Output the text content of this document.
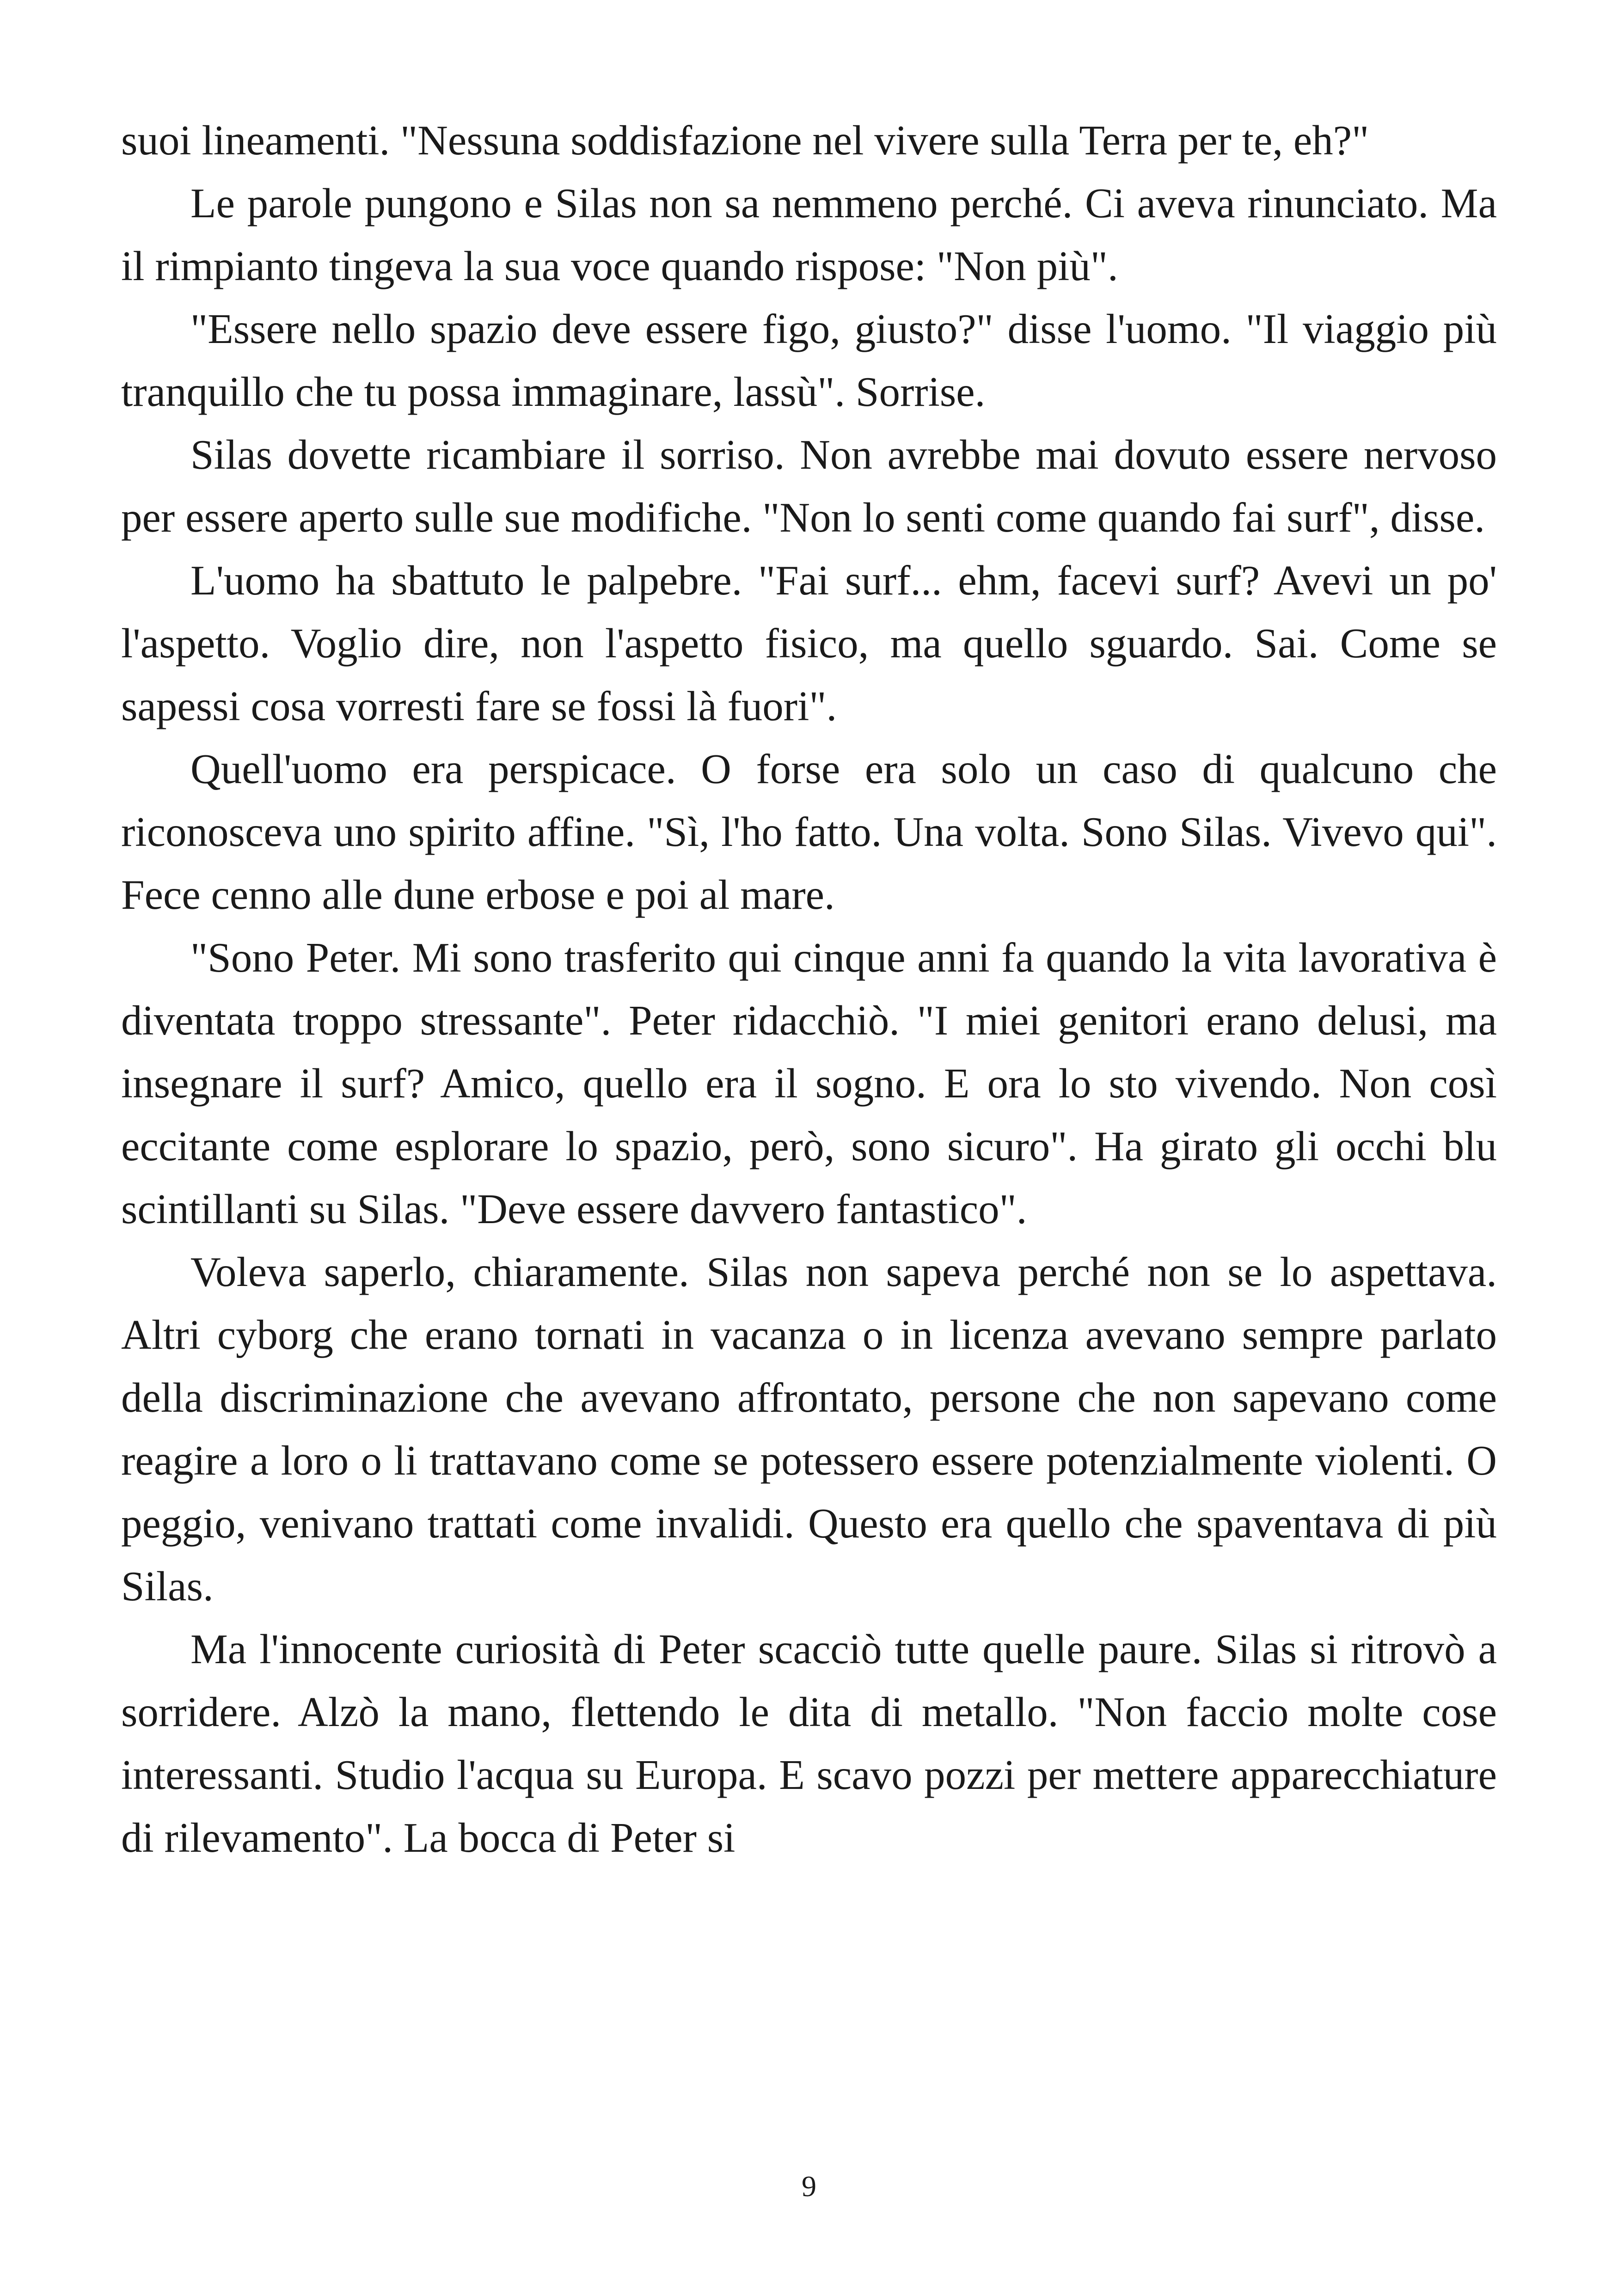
suoi lineamenti. "Nessuna soddisfazione nel vivere sulla Terra per te, eh?"

Le parole pungono e Silas non sa nemmeno perché. Ci aveva rinunciato. Ma il rimpianto tingeva la sua voce quando rispose: "Non più".

"Essere nello spazio deve essere figo, giusto?" disse l'uomo. "Il viaggio più tranquillo che tu possa immaginare, lassù". Sorrise.

Silas dovette ricambiare il sorriso. Non avrebbe mai dovuto essere nervoso per essere aperto sulle sue modifiche. "Non lo senti come quando fai surf", disse.

L'uomo ha sbattuto le palpebre. "Fai surf... ehm, facevi surf? Avevi un po' l'aspetto. Voglio dire, non l'aspetto fisico, ma quello sguardo. Sai. Come se sapessi cosa vorresti fare se fossi là fuori".

Quell'uomo era perspicace. O forse era solo un caso di qualcuno che riconosceva uno spirito affine. "Sì, l'ho fatto. Una volta. Sono Silas. Vivevo qui". Fece cenno alle dune erbose e poi al mare.

"Sono Peter. Mi sono trasferito qui cinque anni fa quando la vita lavorativa è diventata troppo stressante". Peter ridacchiò. "I miei genitori erano delusi, ma insegnare il surf? Amico, quello era il sogno. E ora lo sto vivendo. Non così eccitante come esplorare lo spazio, però, sono sicuro". Ha girato gli occhi blu scintillanti su Silas. "Deve essere davvero fantastico".

Voleva saperlo, chiaramente. Silas non sapeva perché non se lo aspettava. Altri cyborg che erano tornati in vacanza o in licenza avevano sempre parlato della discriminazione che avevano affrontato, persone che non sapevano come reagire a loro o li trattavano come se potessero essere potenzialmente violenti. O peggio, venivano trattati come invalidi. Questo era quello che spaventava di più Silas.

Ma l'innocente curiosità di Peter scacciò tutte quelle paure. Silas si ritrovò a sorridere. Alzò la mano, flettendo le dita di metallo. "Non faccio molte cose interessanti. Studio l'acqua su Europa. E scavo pozzi per mettere apparecchiature di rilevamento". La bocca di Peter si

9
